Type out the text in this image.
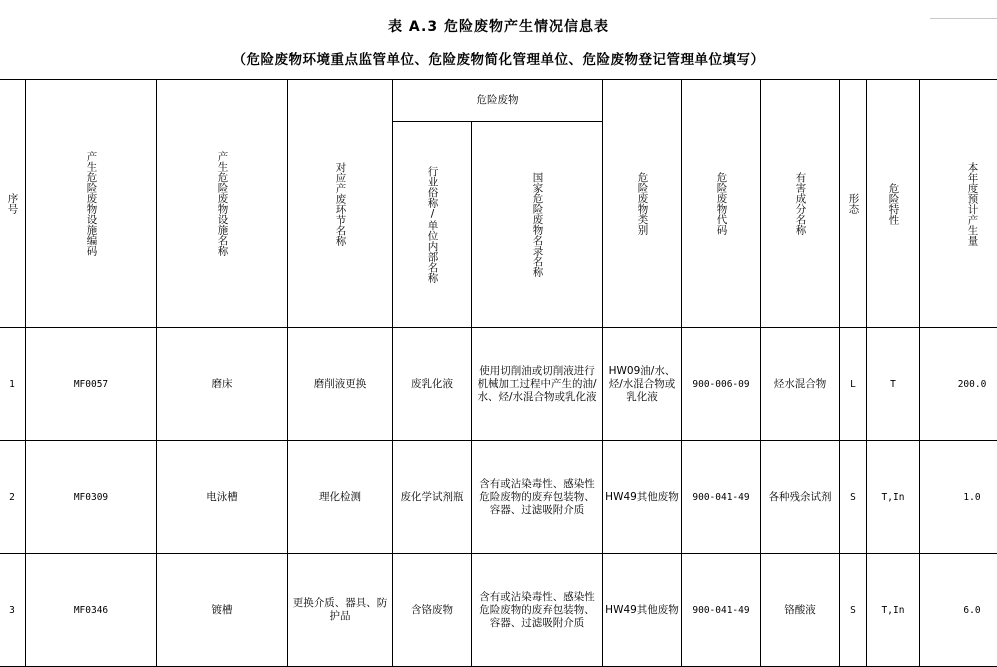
表 A.3 危险废物产生情况信息表
（危险废物环境重点监管单位、危险废物简化管理单位、危险废物登记管理单位填写）
序号	产生危险废物设施编码	产生危险废物设施名称	对应产废环节名称	危险废物		危险废物类别	危险废物代码	有害成分名称	形态	危险特性	本年度预计产生量			
				行业俗称/单位内部名称	国家危险废物名录名称	

1	MF0057	磨床	磨削液更换	废乳化液	使用切削油或切削液进行机械加工过程中产生的油/水、烃/水混合物或乳化液	HW09油/水、烃/水混合物或乳化液	900-006-09	烃水混合物	L	T	200.0								
2	MF0309	电泳槽	理化检测	废化学试剂瓶	含有或沾染毒性、感染性危险废物的废弃包装物、容器、过滤吸附介质	HW49其他废物	900-041-49	各种残余试剂	S	T,In	1.0								
3	MF0346	镀槽	更换介质、器具、防护品	含铬废物	含有或沾染毒性、感染性危险废物的废弃包装物、容器、过滤吸附介质	HW49其他废物	900-041-49	铬酸液	S	T,In	6.0								
